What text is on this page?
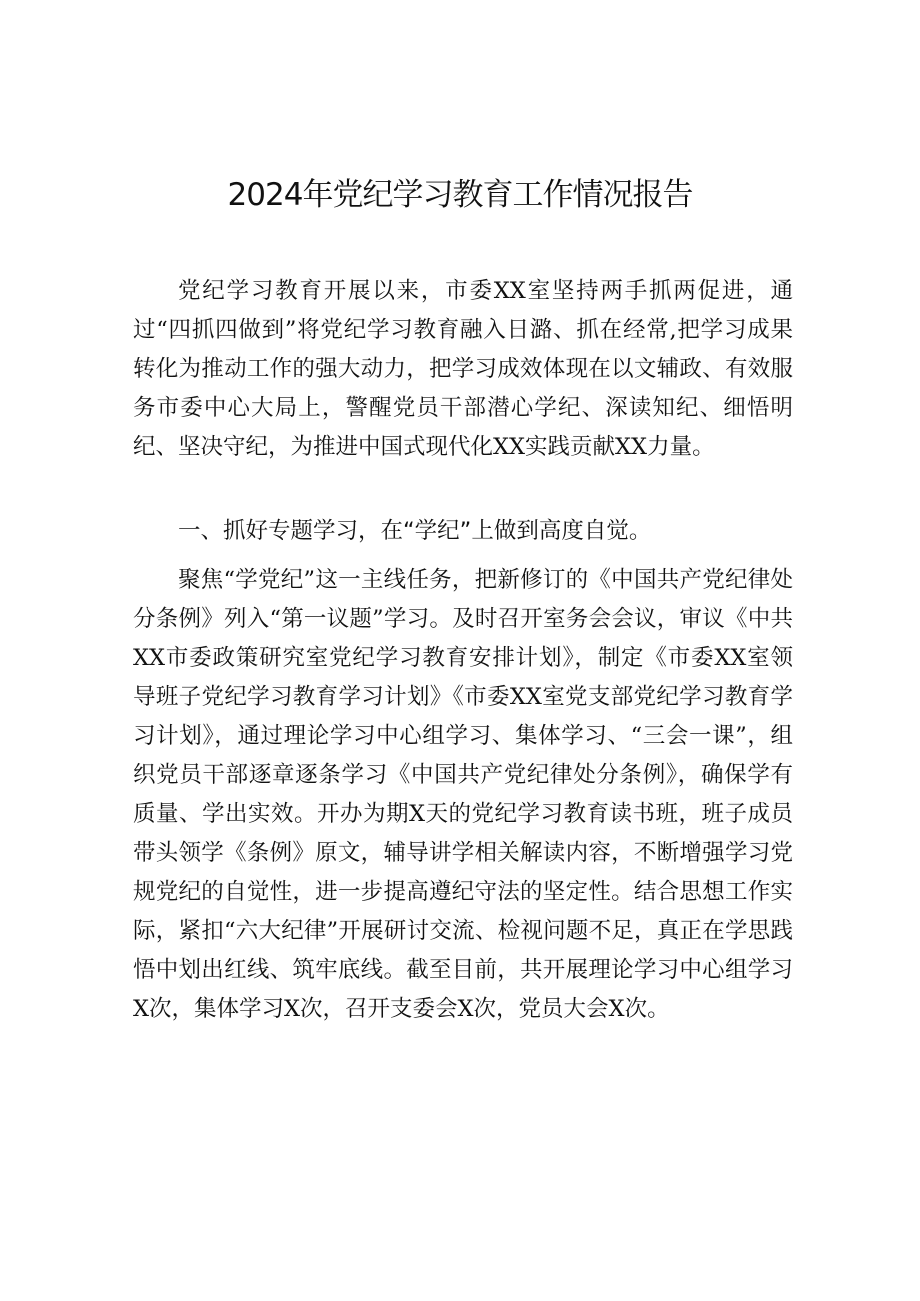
2024年党纪学习教育工作情况报告

党纪学习教育开展以来，市委XX室坚持两手抓两促进，通过“四抓四做到”将党纪学习教育融入日潞、抓在经常,把学习成果转化为推动工作的强大动力，把学习成效体现在以文辅政、有效服务市委中心大局上，警醒党员干部潜心学纪、深读知纪、细悟明纪、坚决守纪，为推进中国式现代化XX实践贡献XX力量。

一、抓好专题学习，在“学纪”上做到高度自觉。

聚焦“学党纪”这一主线任务，把新修订的《中国共产党纪律处分条例》列入“第一议题”学习。及时召开室务会会议，审议《中共XX市委政策研究室党纪学习教育安排计划》，制定《市委XX室领导班子党纪学习教育学习计划》《市委XX室党支部党纪学习教育学习计划》，通过理论学习中心组学习、集体学习、“三会一课”，组织党员干部逐章逐条学习《中国共产党纪律处分条例》，确保学有质量、学出实效。开办为期X天的党纪学习教育读书班，班子成员带头领学《条例》原文，辅导讲学相关解读内容，不断增强学习党规党纪的自觉性，进一步提高遵纪守法的坚定性。结合思想工作实际，紧扣“六大纪律”开展研讨交流、检视问题不足，真正在学思践悟中划出红线、筑牢底线。截至目前，共开展理论学习中心组学习X次，集体学习X次，召开支委会X次，党员大会X次。
